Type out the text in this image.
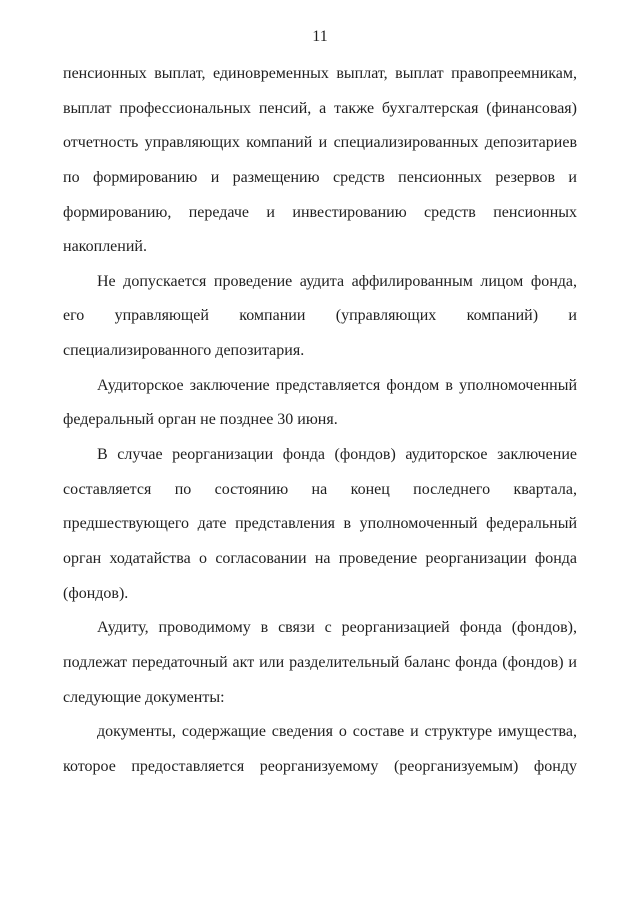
11
пенсионных выплат, единовременных выплат, выплат правопреемникам,
выплат профессиональных пенсий, а также бухгалтерская (финансовая)
отчетность управляющих компаний и специализированных депозитариев
по формированию и размещению средств пенсионных резервов и
формированию, передаче и инвестированию средств пенсионных
накоплений.
Не допускается проведение аудита аффилированным лицом фонда,
его управляющей компании (управляющих компаний) и
специализированного депозитария.
Аудиторское заключение представляется фондом в уполномоченный
федеральный орган не позднее 30 июня.
В случае реорганизации фонда (фондов) аудиторское заключение
составляется по состоянию на конец последнего квартала,
предшествующего дате представления в уполномоченный федеральный
орган ходатайства о согласовании на проведение реорганизации фонда
(фондов).
Аудиту, проводимому в связи с реорганизацией фонда (фондов),
подлежат передаточный акт или разделительный баланс фонда (фондов) и
следующие документы:
документы, содержащие сведения о составе и структуре имущества,
которое предоставляется реорганизуемому (реорганизуемым) фонду
